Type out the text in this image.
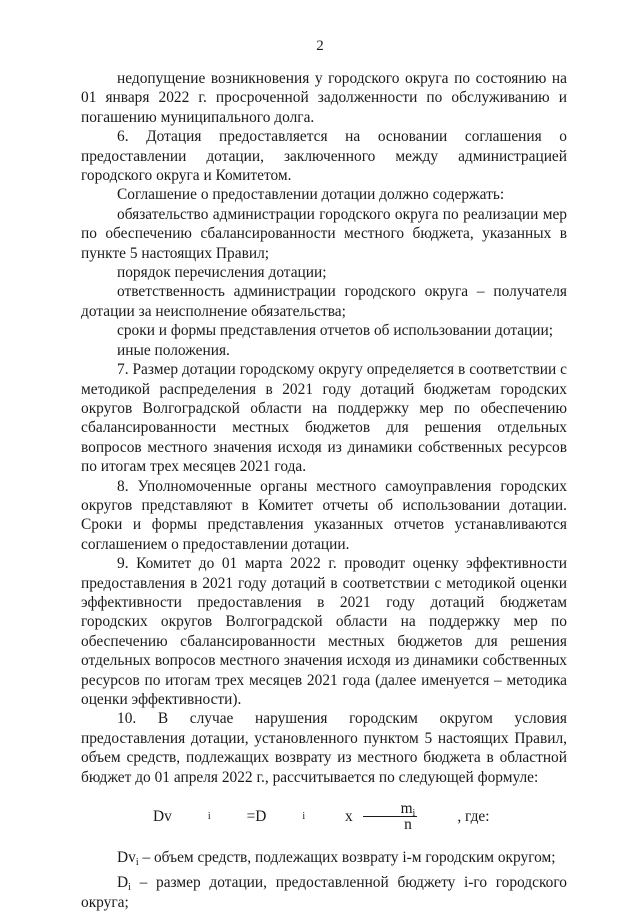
2

недопущение возникновения у городского округа по состоянию на 01 января 2022 г. просроченной задолженности по обслуживанию и погашению муниципального долга.

6. Дотация предоставляется на основании соглашения о предоставлении дотации, заключенного между администрацией городского округа и Комитетом.

Соглашение о предоставлении дотации должно содержать:

обязательство администрации городского округа по реализации мер по обеспечению сбалансированности местного бюджета, указанных в пункте 5 настоящих Правил;

порядок перечисления дотации;

ответственность администрации городского округа – получателя дотации за неисполнение обязательства;

сроки и формы представления отчетов об использовании дотации;

иные положения.

7. Размер дотации городскому округу определяется в соответствии с методикой распределения в 2021 году дотаций бюджетам городских округов Волгоградской области на поддержку мер по обеспечению сбалансированности местных бюджетов для решения отдельных вопросов местного значения исходя из динамики собственных ресурсов по итогам трех месяцев 2021 года.

8. Уполномоченные органы местного самоуправления городских округов представляют в Комитет отчеты об использовании дотации. Сроки и формы представления указанных отчетов устанавливаются соглашением о предоставлении дотации.

9. Комитет до 01 марта 2022 г. проводит оценку эффективности предоставления в 2021 году дотаций в соответствии с методикой оценки эффективности предоставления в 2021 году дотаций бюджетам городских округов Волгоградской области на поддержку мер по обеспечению сбалансированности местных бюджетов для решения отдельных вопросов местного значения исходя из динамики собственных ресурсов по итогам трех месяцев 2021 года (далее именуется – методика оценки эффективности).

10. В случае нарушения городским округом условия предоставления дотации, установленного пунктом 5 настоящих Правил, объем средств, подлежащих возврату из местного бюджета в областной бюджет до 01 апреля 2022 г., рассчитывается по следующей формуле:

Dv	i	=D	i	x $\frac{m_i}{n}$	, где:

$Dv_i$ – объем средств, подлежащих возврату i-м городским округом;

$D_i$ – размер дотации, предоставленной бюджету i-го городского округа;
